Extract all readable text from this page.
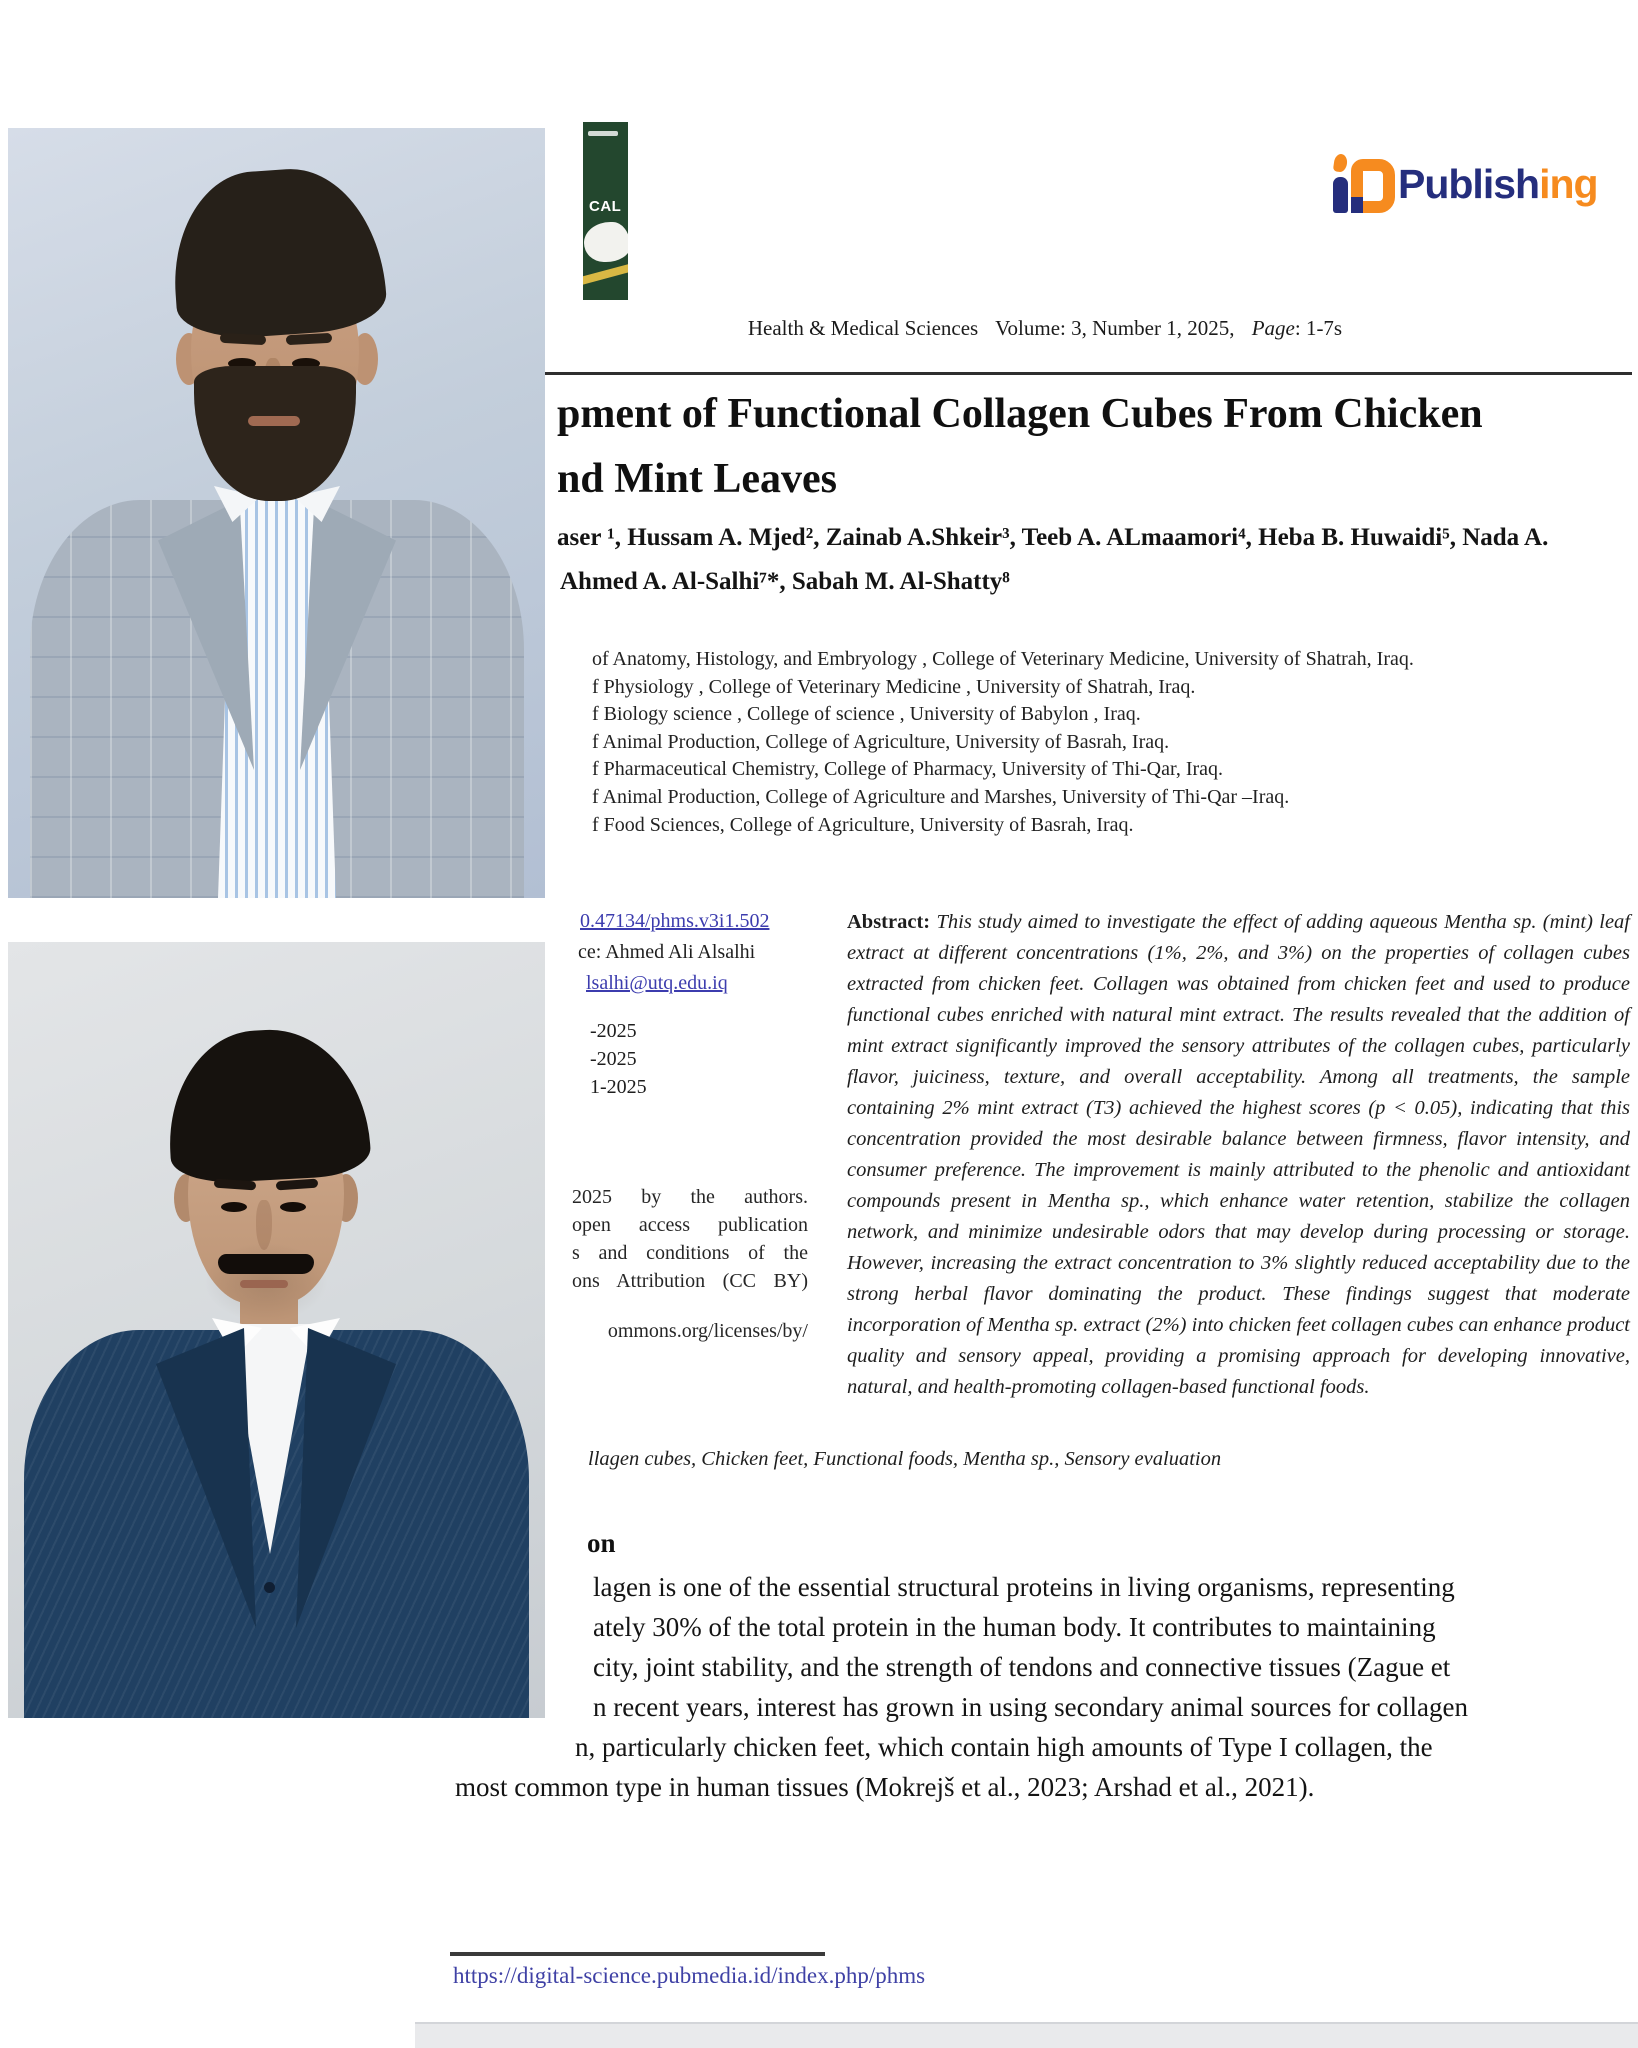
CAL	Publishing
Health & Medical Sciences Volume: 3, Number 1, 2025, Page: 1-7s
pment of Functional Collagen Cubes From Chicken
nd Mint Leaves
aser ¹, Hussam A. Mjed², Zainab A.Shkeir³, Teeb A. ALmaamori⁴, Heba B. Huwaidi⁵, Nada A.
Ahmed A. Al-Salhi⁷*, Sabah M. Al-Shatty⁸
of Anatomy, Histology, and Embryology , College of Veterinary Medicine, University of Shatrah, Iraq.
f Physiology , College of Veterinary Medicine , University of Shatrah, Iraq.
f Biology science , College of science , University of Babylon , Iraq.
f Animal Production, College of Agriculture, University of Basrah, Iraq.
f Pharmaceutical Chemistry, College of Pharmacy, University of Thi-Qar, Iraq.
f Animal Production, College of Agriculture and Marshes, University of Thi-Qar –Iraq.
f Food Sciences, College of Agriculture, University of Basrah, Iraq.
0.47134/phms.v3i1.502
ce: Ahmed Ali Alsalhi
lsalhi@utq.edu.iq
-2025
-2025
1-2025
2025 by the authors.
open access publication
s and conditions of the
ons Attribution (CC BY)
ommons.org/licenses/by/

Abstract: This study aimed to investigate the effect of adding aqueous Mentha sp. (mint) leaf extract at different concentrations (1%, 2%, and 3%) on the properties of collagen cubes extracted from chicken feet. Collagen was obtained from chicken feet and used to produce functional cubes enriched with natural mint extract. The results revealed that the addition of mint extract significantly improved the sensory attributes of the collagen cubes, particularly flavor, juiciness, texture, and overall acceptability. Among all treatments, the sample containing 2% mint extract (T3) achieved the highest scores (p < 0.05), indicating that this concentration provided the most desirable balance between firmness, flavor intensity, and consumer preference. The improvement is mainly attributed to the phenolic and antioxidant compounds present in Mentha sp., which enhance water retention, stabilize the collagen network, and minimize undesirable odors that may develop during processing or storage. However, increasing the extract concentration to 3% slightly reduced acceptability due to the strong herbal flavor dominating the product. These findings suggest that moderate incorporation of Mentha sp. extract (2%) into chicken feet collagen cubes can enhance product quality and sensory appeal, providing a promising approach for developing innovative, natural, and health-promoting collagen-based functional foods.

llagen cubes, Chicken feet, Functional foods, Mentha sp., Sensory evaluation
on
lagen is one of the essential structural proteins in living organisms, representing
ately 30% of the total protein in the human body. It contributes to maintaining
city, joint stability, and the strength of tendons and connective tissues (Zague et
n recent years, interest has grown in using secondary animal sources for collagen
n, particularly chicken feet, which contain high amounts of Type I collagen, the
most common type in human tissues (Mokrejš et al., 2023; Arshad et al., 2021).
https://digital-science.pubmedia.id/index.php/phms
